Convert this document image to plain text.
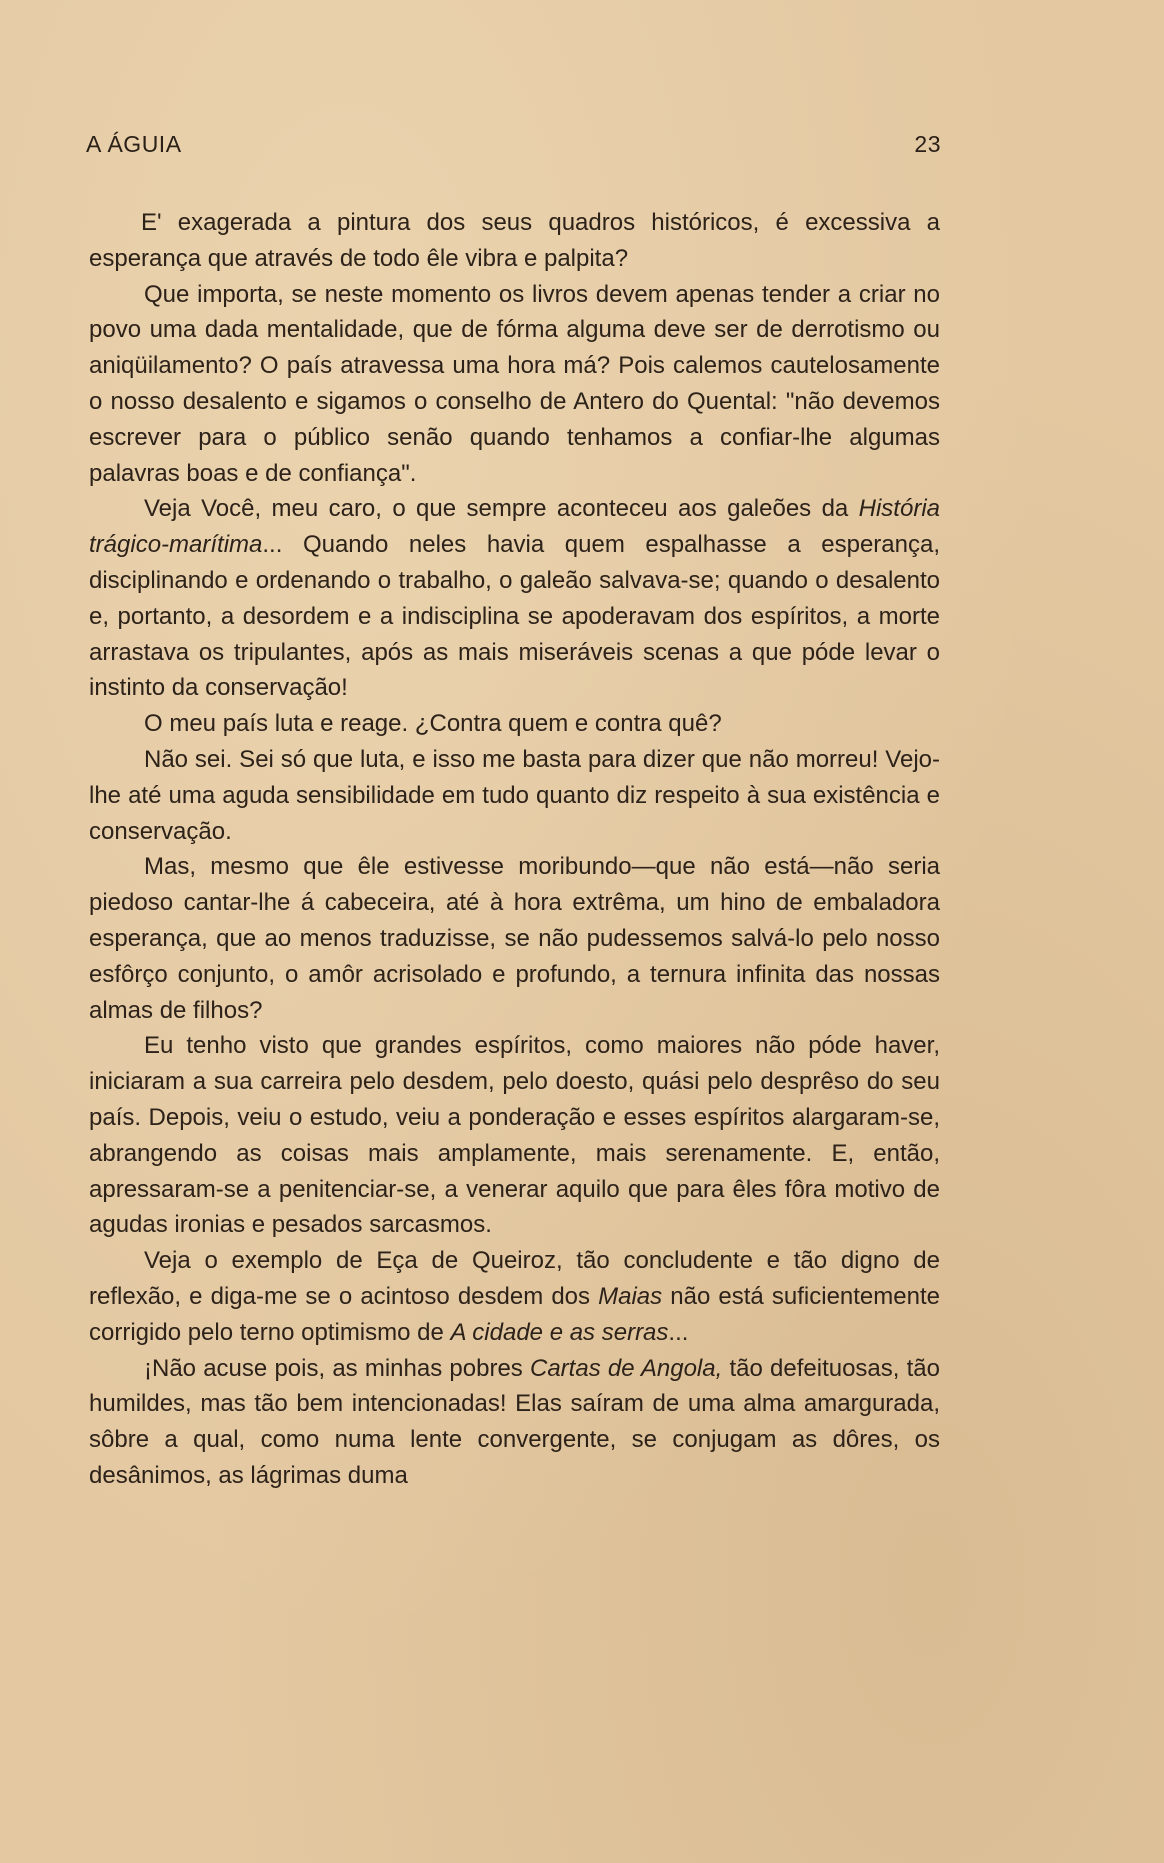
A ÁGUIA	23

E' exagerada a pintura dos seus quadros históricos, é excessiva a esperança que através de todo êle vibra e palpita?

Que importa, se neste momento os livros devem apenas tender a criar no povo uma dada mentalidade, que de fórma alguma deve ser de derrotismo ou aniqüilamento? O país atravessa uma hora má? Pois calemos cautelosamente o nosso desalento e sigamos o conselho de Antero do Quental: "não devemos escrever para o público senão quando tenhamos a confiar-lhe algumas palavras boas e de confiança".

Veja Você, meu caro, o que sempre aconteceu aos galeões da História trágico-marítima... Quando neles havia quem espalhasse a esperança, disciplinando e ordenando o trabalho, o galeão salvava-se; quando o desalento e, portanto, a desordem e a indisciplina se apoderavam dos espíritos, a morte arrastava os tripulantes, após as mais miseráveis scenas a que póde levar o instinto da conservação!

O meu país luta e reage. ¿Contra quem e contra quê?

Não sei. Sei só que luta, e isso me basta para dizer que não morreu! Vejo-lhe até uma aguda sensibilidade em tudo quanto diz respeito à sua existência e conservação.

Mas, mesmo que êle estivesse moribundo—que não está—não seria piedoso cantar-lhe á cabeceira, até à hora extrêma, um hino de embaladora esperança, que ao menos traduzisse, se não pudessemos salvá-lo pelo nosso esfôrço conjunto, o amôr acrisolado e profundo, a ternura infinita das nossas almas de filhos?

Eu tenho visto que grandes espíritos, como maiores não póde haver, iniciaram a sua carreira pelo desdem, pelo doesto, quási pelo desprêso do seu país. Depois, veiu o estudo, veiu a ponderação e esses espíritos alargaram-se, abrangendo as coisas mais amplamente, mais serenamente. E, então, apressaram-se a penitenciar-se, a venerar aquilo que para êles fôra motivo de agudas ironias e pesados sarcasmos.

Veja o exemplo de Eça de Queiroz, tão concludente e tão digno de reflexão, e diga-me se o acintoso desdem dos Maias não está suficientemente corrigido pelo terno optimismo de A cidade e as serras...

¡Não acuse pois, as minhas pobres Cartas de Angola, tão defeituosas, tão humildes, mas tão bem intencionadas! Elas saíram de uma alma amargurada, sôbre a qual, como numa lente convergente, se conjugam as dôres, os desânimos, as lágrimas duma
